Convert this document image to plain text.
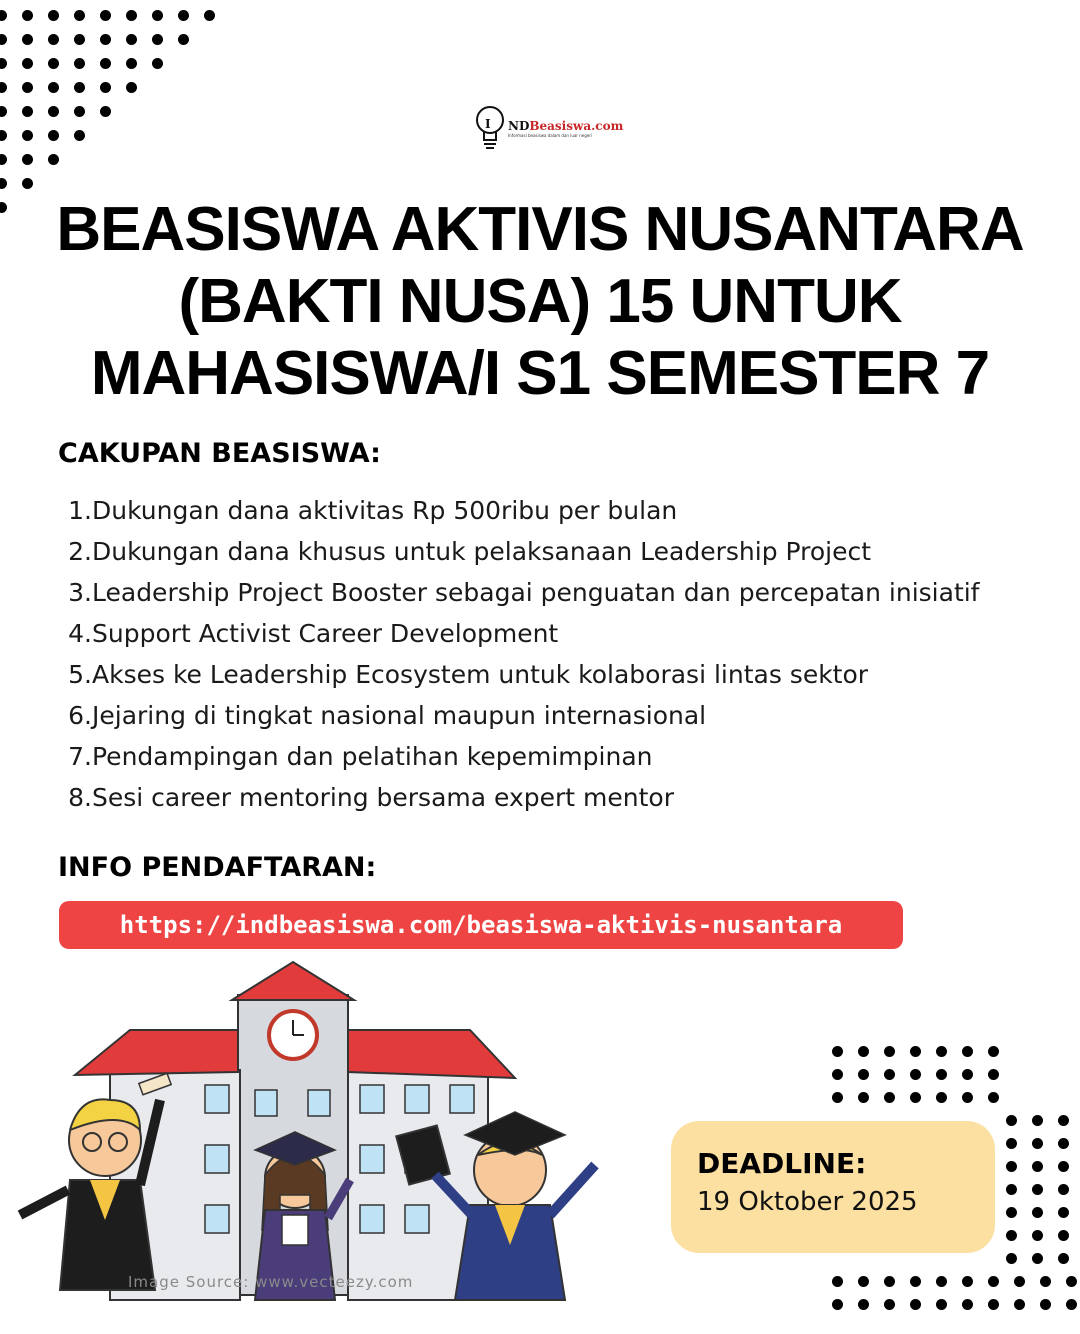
I NDBeasiswa.com
Informasi beasiswa dalam dan luar negeri
BEASISWA AKTIVIS NUSANTARA
(BAKTI NUSA) 15 UNTUK
MAHASISWA/I S1 SEMESTER 7
CAKUPAN BEASISWA:
1. Dukungan dana aktivitas Rp 500ribu per bulan
2. Dukungan dana khusus untuk pelaksanaan Leadership Project
3. Leadership Project Booster sebagai penguatan dan percepatan inisiatif
4. Support Activist Career Development
5. Akses ke Leadership Ecosystem untuk kolaborasi lintas sektor
6. Jejaring di tingkat nasional maupun internasional
7. Pendampingan dan pelatihan kepemimpinan
8. Sesi career mentoring bersama expert mentor
INFO PENDAFTARAN:
https://indbeasiswa.com/beasiswa-aktivis-nusantara
Image Source: www.vecteezy.com
DEADLINE:
19 Oktober 2025
